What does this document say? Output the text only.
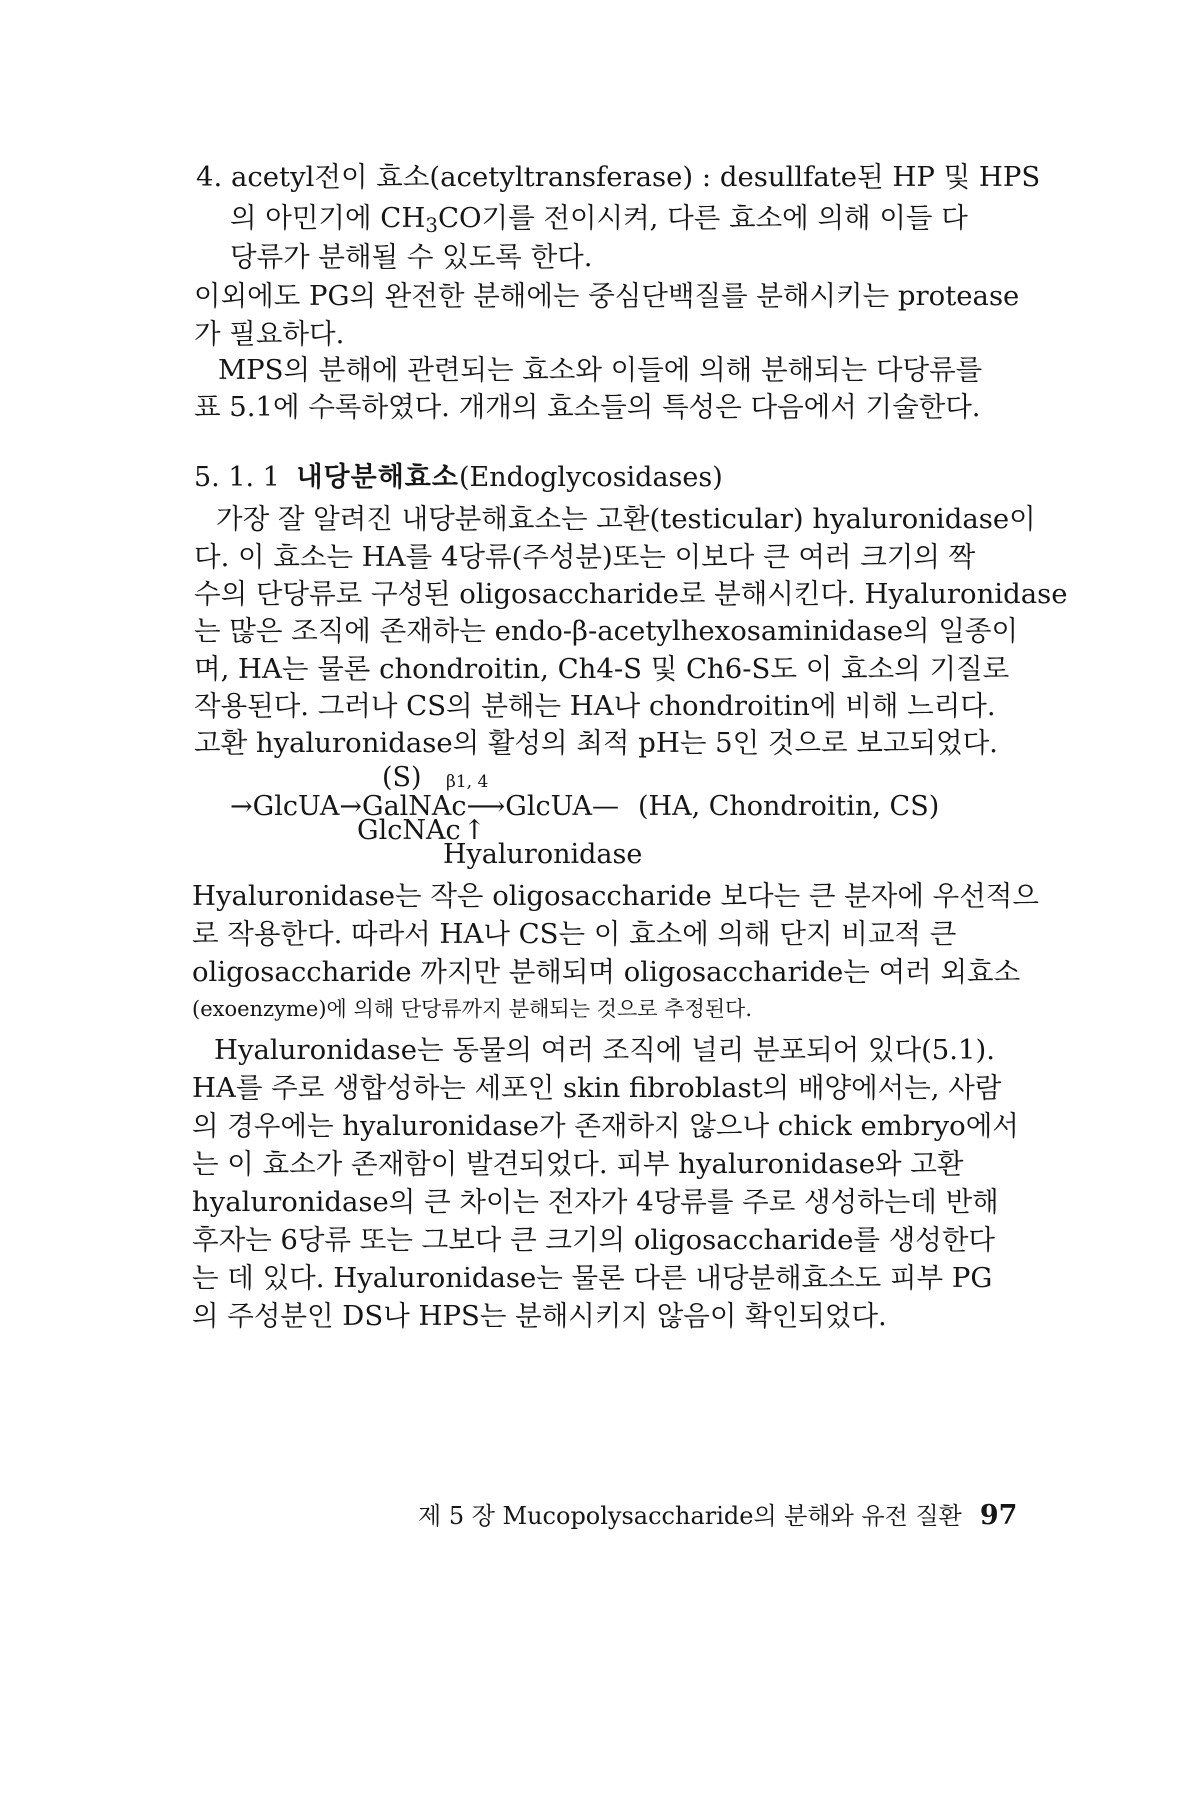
4. acetyl전이 효소(acetyltransferase) : desullfate된 HP 및 HPS
의 아민기에 $CH_3CO$기를 전이시켜, 다른 효소에 의해 이들 다
당류가 분해될 수 있도록 한다.
이외에도 PG의 완전한 분해에는 중심단백질를 분해시키는 protease
가 필요하다.
MPS의 분해에 관련되는 효소와 이들에 의해 분해되는 다당류를
표 5.1에 수록하였다. 개개의 효소들의 특성은 다음에서 기술한다.
5. 1. 1 내당분해효소(Endoglycosidases)
가장 잘 알려진 내당분해효소는 고환(testicular) hyaluronidase이
다. 이 효소는 HA를 4당류(주성분)또는 이보다 큰 여러 크기의 짝
수의 단당류로 구성된 oligosaccharide로 분해시킨다. Hyaluronidase
는 많은 조직에 존재하는 endo-β-acetylhexosaminidase의 일종이
며, HA는 물론 chondroitin, Ch4-S 및 Ch6-S도 이 효소의 기질로
작용된다. 그러나 CS의 분해는 HA나 chondroitin에 비해 느리다.
고환 hyaluronidase의 활성의 최적 pH는 5인 것으로 보고되었다.
(S) β1, 4
→GlcUA→GalNAc⟶GlcUA— (HA, Chondroitin, CS)
GlcNAc ↑
Hyaluronidase
Hyaluronidase는 작은 oligosaccharide 보다는 큰 분자에 우선적으
로 작용한다. 따라서 HA나 CS는 이 효소에 의해 단지 비교적 큰
oligosaccharide 까지만 분해되며 oligosaccharide는 여러 외효소
(exoenzyme)에 의해 단당류까지 분해되는 것으로 추정된다.
Hyaluronidase는 동물의 여러 조직에 널리 분포되어 있다(5.1).
HA를 주로 생합성하는 세포인 skin fibroblast의 배양에서는, 사람
의 경우에는 hyaluronidase가 존재하지 않으나 chick embryo에서
는 이 효소가 존재함이 발견되었다. 피부 hyaluronidase와 고환
hyaluronidase의 큰 차이는 전자가 4당류를 주로 생성하는데 반해
후자는 6당류 또는 그보다 큰 크기의 oligosaccharide를 생성한다
는 데 있다. Hyaluronidase는 물론 다른 내당분해효소도 피부 PG
의 주성분인 DS나 HPS는 분해시키지 않음이 확인되었다.
제 5 장 Mucopolysaccharide의 분해와 유전 질환 97
